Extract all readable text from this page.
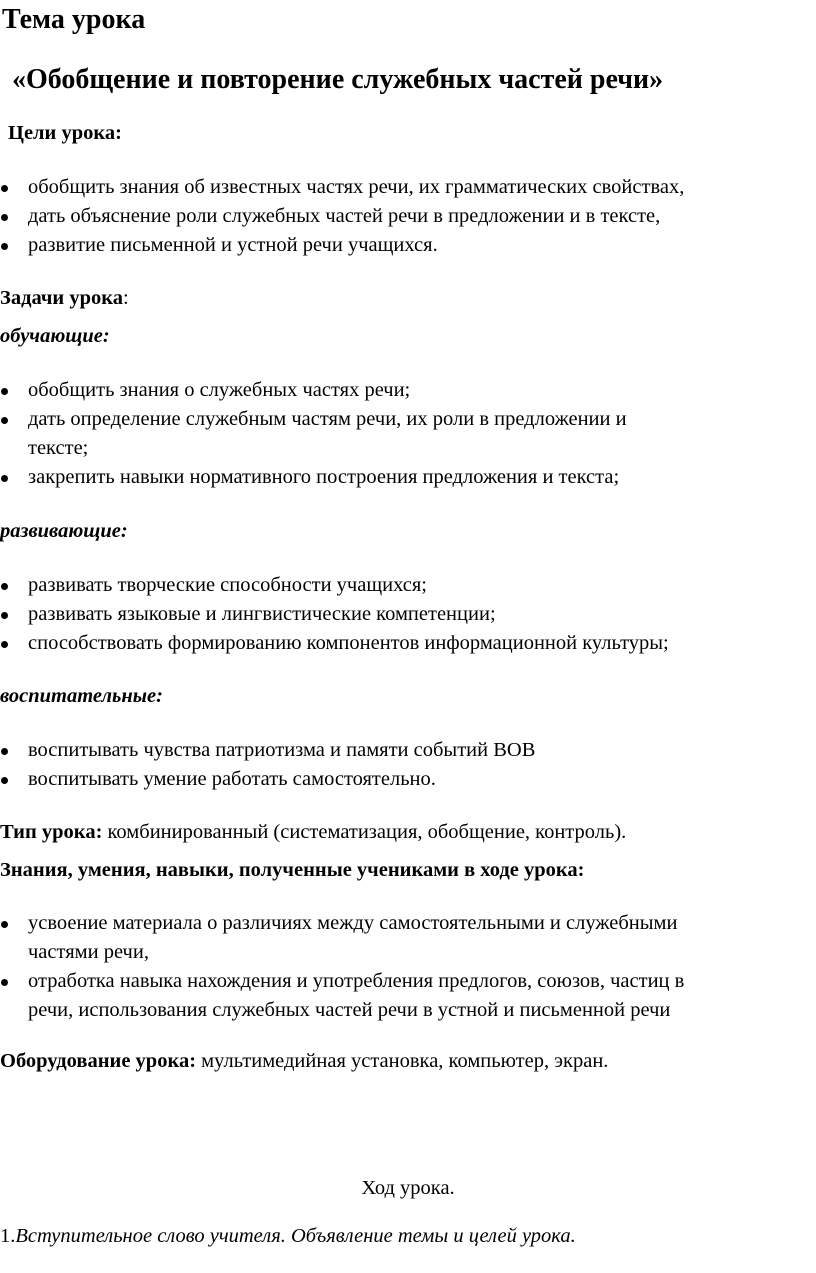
Тема урока
«Обобщение и повторение служебных частей речи»

Цели урока:

обобщить знания об известных частях речи, их грамматических свойствах,
дать объяснение роли служебных частей речи в предложении и в тексте,
развитие письменной и устной речи учащихся.

Задачи урока:

обучающие:

обобщить знания о служебных частях речи;
дать определение служебным частям речи, их роли в предложении и
тексте;
закрепить навыки нормативного построения предложения и текста;

развивающие:

развивать творческие способности учащихся;
развивать языковые и лингвистические компетенции;
способствовать формированию компонентов информационной культуры;

воспитательные:

воспитывать чувства патриотизма и памяти событий ВОВ
воспитывать умение работать самостоятельно.

Тип урока: комбинированный (систематизация, обобщение, контроль).

Знания, умения, навыки, полученные учениками в ходе урока:

усвоение материала о различиях между самостоятельными и служебными
частями речи,
отработка навыка нахождения и употребления предлогов, союзов, частиц в
речи, использования служебных частей речи в устной и письменной речи

Оборудование урока: мультимедийная установка, компьютер, экран.

Ход урока.

1.Вступительное слово учителя. Объявление темы и целей урока.
